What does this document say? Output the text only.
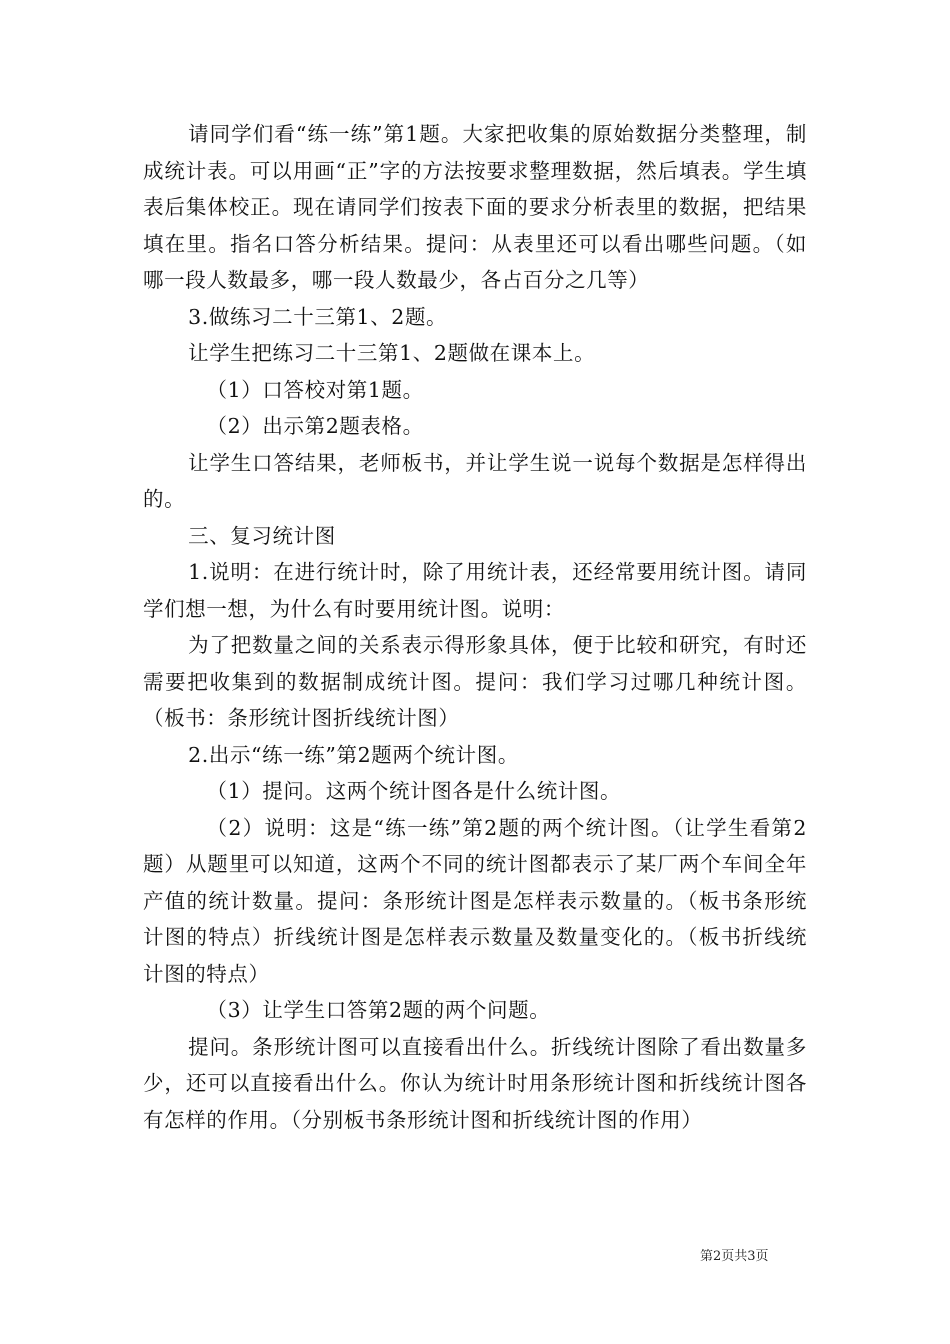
请同学们看“练一练”第1题。大家把收集的原始数据分类整理，制成统计表。可以用画“正”字的方法按要求整理数据，然后填表。学生填表后集体校正。现在请同学们按表下面的要求分析表里的数据，把结果填在里。指名口答分析结果。提问：从表里还可以看出哪些问题。（如哪一段人数最多，哪一段人数最少，各占百分之几等）

3.做练习二十三第1、2题。

让学生把练习二十三第1、2题做在课本上。

（1）口答校对第1题。

（2）出示第2题表格。

让学生口答结果，老师板书，并让学生说一说每个数据是怎样得出的。

三、复习统计图

1.说明：在进行统计时，除了用统计表，还经常要用统计图。请同学们想一想，为什么有时要用统计图。说明：

为了把数量之间的关系表示得形象具体，便于比较和研究，有时还需要把收集到的数据制成统计图。提问：我们学习过哪几种统计图。（板书：条形统计图折线统计图）

2.出示“练一练”第2题两个统计图。

（1）提问。这两个统计图各是什么统计图。

（2）说明：这是“练一练”第2题的两个统计图。（让学生看第2题）从题里可以知道，这两个不同的统计图都表示了某厂两个车间全年产值的统计数量。提问：条形统计图是怎样表示数量的。（板书条形统计图的特点）折线统计图是怎样表示数量及数量变化的。（板书折线统计图的特点）

（3）让学生口答第2题的两个问题。

提问。条形统计图可以直接看出什么。折线统计图除了看出数量多少，还可以直接看出什么。你认为统计时用条形统计图和折线统计图各有怎样的作用。（分别板书条形统计图和折线统计图的作用）

第2页共3页
